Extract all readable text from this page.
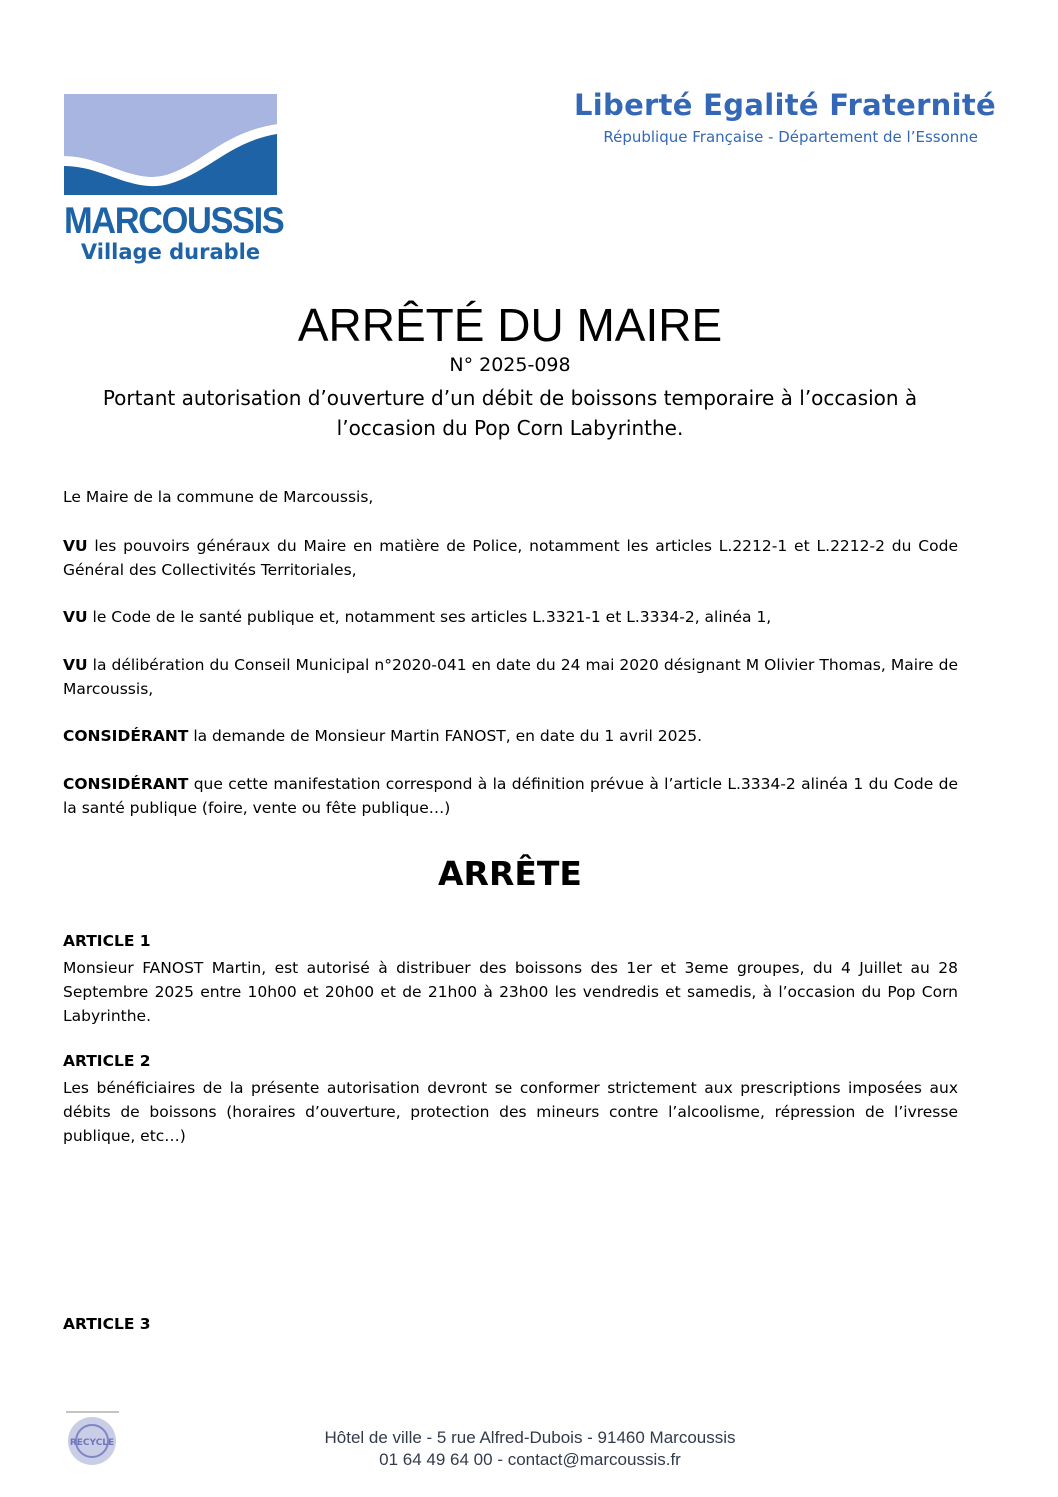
MARCOUSSIS
Village durable
Liberté Egalité Fraternité
République Française - Département de l’Essonne
ARRÊTÉ DU MAIRE
N° 2025-098
Portant autorisation d’ouverture d’un débit de boissons temporaire à l’occasion à l’occasion du Pop Corn Labyrinthe.

Le Maire de la commune de Marcoussis,

VU les pouvoirs généraux du Maire en matière de Police, notamment les articles L.2212-1 et L.2212-2 du Code Général des Collectivités Territoriales,

VU le Code de le santé publique et, notamment ses articles L.3321-1 et L.3334-2, alinéa 1,

VU la délibération du Conseil Municipal n°2020-041 en date du 24 mai 2020 désignant M Olivier Thomas, Maire de Marcoussis,

CONSIDÉRANT la demande de Monsieur Martin FANOST, en date du 1 avril 2025.

CONSIDÉRANT que cette manifestation correspond à la définition prévue à l’article L.3334-2 alinéa 1 du Code de la santé publique (foire, vente ou fête publique…)

ARRÊTE
ARTICLE 1

Monsieur FANOST Martin, est autorisé à distribuer des boissons des 1er et 3eme groupes, du 4 Juillet au 28 Septembre 2025 entre 10h00 et 20h00 et de 21h00 à 23h00 les vendredis et samedis, à l’occasion du Pop Corn Labyrinthe.

ARTICLE 2

Les bénéficiaires de la présente autorisation devront se conformer strictement aux prescriptions imposées aux débits de boissons (horaires d’ouverture, protection des mineurs contre l’alcoolisme, répression de l’ivresse publique, etc…)

ARTICLE 3
RECYCLE	Hôtel de ville - 5 rue Alfred-Dubois - 91460 Marcoussis
01 64 49 64 00 - contact@marcoussis.fr
